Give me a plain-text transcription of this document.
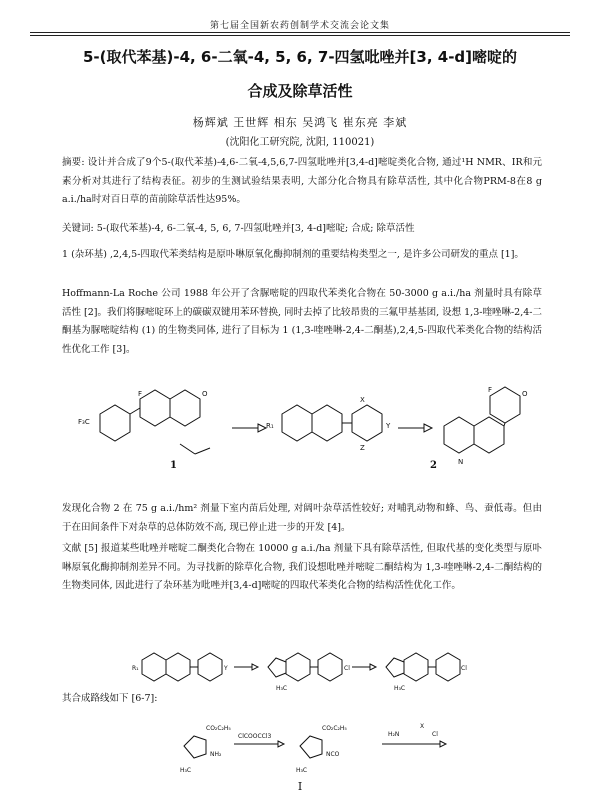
第七届全国新农药创制学术交流会论文集
5-(取代苯基)-4, 6-二氧-4, 5, 6, 7-四氢吡唑并[3, 4-d]嘧啶的
合成及除草活性
杨辉斌 王世辉 相东 吴鸿飞 崔东亮 李斌
(沈阳化工研究院, 沈阳, 110021)
摘要: 设计并合成了9个5-(取代苯基)-4,6-二氧-4,5,6,7-四氢吡唑并[3,4-d]嘧啶类化合物, 通过¹H NMR、IR和元素分析对其进行了结构表征。初步的生测试验结果表明, 大部分化合物具有除草活性, 其中化合物PRM-8在8 g a.i./ha时对百日草的苗前除草活性达95%。
关键词: 5-(取代苯基)-4, 6-二氧-4, 5, 6, 7-四氢吡唑并[3, 4-d]嘧啶; 合成; 除草活性
1 (杂环基) ,2,4,5-四取代苯类结构是原卟啉原氧化酶抑制剂的重要结构类型之一, 是许多公司研发的重点 [1]。
Hoffmann-La Roche 公司 1988 年公开了含脲嘧啶的四取代苯类化合物在 50-3000 g a.i./ha 剂量时具有除草活性 [2]。我们将脲嘧啶环上的碳碳双键用苯环替换, 同时去掉了比较昂贵的三氟甲基基团, 设想 1,3-喹唑啉-2,4-二酮基为脲嘧啶结构 (1) 的生物类同体, 进行了目标为 1 (1,3-喹唑啉-2,4-二酮基),2,4,5-四取代苯类化合物的结构活性优化工作 [3]。
F₃C
F	O
R₁
X
Y
Z
F	O
N
1	2
发现化合物 2 在 75 g a.i./hm² 剂量下室内苗后处理, 对阔叶杂草活性较好; 对哺乳动物和蜂、鸟、蚕低毒。但由于在田间条件下对杂草的总体防效不高, 现已停止进一步的开发 [4]。
文献 [5] 报道某些吡唑并嘧啶二酮类化合物在 10000 g a.i./ha 剂量下具有除草活性, 但取代基的变化类型与原卟啉原氧化酶抑制剂差异不同。为寻找新的除草化合物, 我们设想吡唑并嘧啶二酮结构为 1,3-喹唑啉-2,4-二酮结构的生物类同体, 因此进行了杂环基为吡唑并[3,4-d]嘧啶的四取代苯类化合物的结构活性优化工作。
R₁	Y
H₃C
Cl
H₃C
Cl
其合成路线如下 [6-7]:
CO₂C₂H₅
NH₂
H₃C
ClCOOCCl3
CO₂C₂H₅
NCO
H₃C
H₂N
X
Cl
I
